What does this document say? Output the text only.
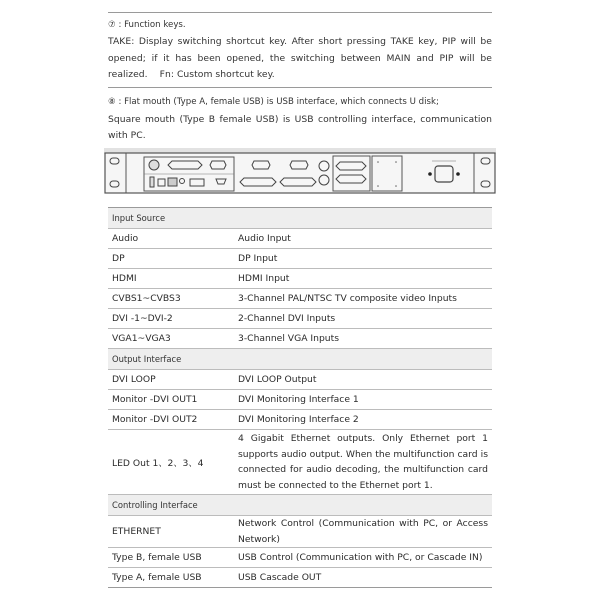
⑦ : Function keys.
TAKE: Display switching shortcut key. After short pressing TAKE key, PIP will be opened; if it has been opened, the switching between MAIN and PIP will be realized. Fn: Custom shortcut key.
⑧ : Flat mouth (Type A, female USB) is USB interface, which connects U disk;
Square mouth (Type B female USB) is USB controlling interface, communication with PC.
Input Source	
Audio	Audio Input
DP	DP Input
HDMI	HDMI Input
CVBS1~CVBS3	3-Channel PAL/NTSC TV composite video Inputs
DVI -1~DVI-2	2-Channel DVI Inputs
VGA1~VGA3	3-Channel VGA Inputs
Output Interface	
DVI LOOP	DVI LOOP Output
Monitor -DVI OUT1	DVI Monitoring Interface 1
Monitor -DVI OUT2	DVI Monitoring Interface 2
LED Out 1、2、3、4	4 Gigabit Ethernet outputs. Only Ethernet port 1 supports audio output. When the multifunction card is connected for audio decoding, the multifunction card must be connected to the Ethernet port 1.
Controlling Interface	
ETHERNET	Network Control (Communication with PC, or Access Network)
Type B, female USB	USB Control (Communication with PC, or Cascade IN)
Type A, female USB	USB Cascade OUT
